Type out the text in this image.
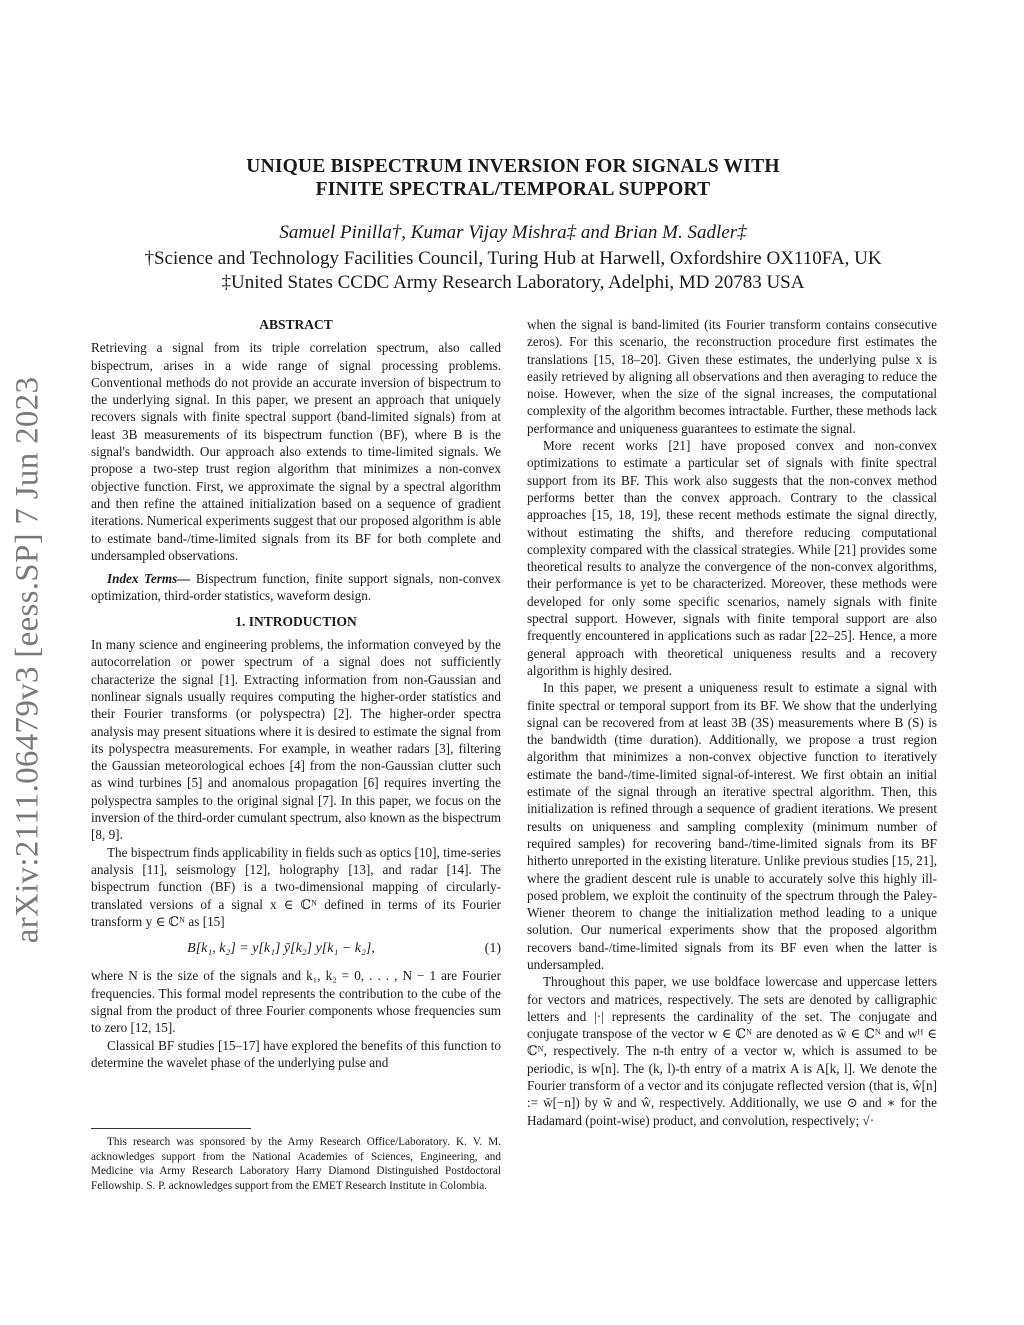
arXiv:2111.06479v3 [eess.SP] 7 Jun 2023
UNIQUE BISPECTRUM INVERSION FOR SIGNALS WITH
FINITE SPECTRAL/TEMPORAL SUPPORT
Samuel Pinilla†, Kumar Vijay Mishra‡ and Brian M. Sadler‡
†Science and Technology Facilities Council, Turing Hub at Harwell, Oxfordshire OX110FA, UK
‡United States CCDC Army Research Laboratory, Adelphi, MD 20783 USA
ABSTRACT

Retrieving a signal from its triple correlation spectrum, also called bispectrum, arises in a wide range of signal processing problems. Conventional methods do not provide an accurate inversion of bispectrum to the underlying signal. In this paper, we present an approach that uniquely recovers signals with finite spectral support (band-limited signals) from at least 3B measurements of its bispectrum function (BF), where B is the signal's bandwidth. Our approach also extends to time-limited signals. We propose a two-step trust region algorithm that minimizes a non-convex objective function. First, we approximate the signal by a spectral algorithm and then refine the attained initialization based on a sequence of gradient iterations. Numerical experiments suggest that our proposed algorithm is able to estimate band-/time-limited signals from its BF for both complete and undersampled observations.

Index Terms— Bispectrum function, finite support signals, non-convex optimization, third-order statistics, waveform design.

1. INTRODUCTION

In many science and engineering problems, the information conveyed by the autocorrelation or power spectrum of a signal does not sufficiently characterize the signal [1]. Extracting information from non-Gaussian and nonlinear signals usually requires computing the higher-order statistics and their Fourier transforms (or polyspectra) [2]. The higher-order spectra analysis may present situations where it is desired to estimate the signal from its polyspectra measurements. For example, in weather radars [3], filtering the Gaussian meteorological echoes [4] from the non-Gaussian clutter such as wind turbines [5] and anomalous propagation [6] requires inverting the polyspectra samples to the original signal [7]. In this paper, we focus on the inversion of the third-order cumulant spectrum, also known as the bispectrum [8, 9].

The bispectrum finds applicability in fields such as optics [10], time-series analysis [11], seismology [12], holography [13], and radar [14]. The bispectrum function (BF) is a two-dimensional mapping of circularly-translated versions of a signal x ∈ ℂᴺ defined in terms of its Fourier transform y ∈ ℂᴺ as [15]

B[k₁, k₂] = y[k₁] ȳ[k₂] y[k₁ − k₂],	(1)

where N is the size of the signals and k₁, k₂ = 0, . . . , N − 1 are Fourier frequencies. This formal model represents the contribution to the cube of the signal from the product of three Fourier components whose frequencies sum to zero [12, 15].

Classical BF studies [15–17] have explored the benefits of this function to determine the wavelet phase of the underlying pulse and

This research was sponsored by the Army Research Office/Laboratory. K. V. M. acknowledges support from the National Academies of Sciences, Engineering, and Medicine via Army Research Laboratory Harry Diamond Distinguished Postdoctoral Fellowship. S. P. acknowledges support from the EMET Research Institute in Colombia.

when the signal is band-limited (its Fourier transform contains consecutive zeros). For this scenario, the reconstruction procedure first estimates the translations [15, 18–20]. Given these estimates, the underlying pulse x is easily retrieved by aligning all observations and then averaging to reduce the noise. However, when the size of the signal increases, the computational complexity of the algorithm becomes intractable. Further, these methods lack performance and uniqueness guarantees to estimate the signal.

More recent works [21] have proposed convex and non-convex optimizations to estimate a particular set of signals with finite spectral support from its BF. This work also suggests that the non-convex method performs better than the convex approach. Contrary to the classical approaches [15, 18, 19], these recent methods estimate the signal directly, without estimating the shifts, and therefore reducing computational complexity compared with the classical strategies. While [21] provides some theoretical results to analyze the convergence of the non-convex algorithms, their performance is yet to be characterized. Moreover, these methods were developed for only some specific scenarios, namely signals with finite spectral support. However, signals with finite temporal support are also frequently encountered in applications such as radar [22–25]. Hence, a more general approach with theoretical uniqueness results and a recovery algorithm is highly desired.

In this paper, we present a uniqueness result to estimate a signal with finite spectral or temporal support from its BF. We show that the underlying signal can be recovered from at least 3B (3S) measurements where B (S) is the bandwidth (time duration). Additionally, we propose a trust region algorithm that minimizes a non-convex objective function to iteratively estimate the band-/time-limited signal-of-interest. We first obtain an initial estimate of the signal through an iterative spectral algorithm. Then, this initialization is refined through a sequence of gradient iterations. We present results on uniqueness and sampling complexity (minimum number of required samples) for recovering band-/time-limited signals from its BF hitherto unreported in the existing literature. Unlike previous studies [15, 21], where the gradient descent rule is unable to accurately solve this highly ill-posed problem, we exploit the continuity of the spectrum through the Paley-Wiener theorem to change the initialization method leading to a unique solution. Our numerical experiments show that the proposed algorithm recovers band-/time-limited signals from its BF even when the latter is undersampled.

Throughout this paper, we use boldface lowercase and uppercase letters for vectors and matrices, respectively. The sets are denoted by calligraphic letters and |·| represents the cardinality of the set. The conjugate and conjugate transpose of the vector w ∈ ℂᴺ are denoted as w̄ ∈ ℂᴺ and wᴴ ∈ ℂᴺ, respectively. The n-th entry of a vector w, which is assumed to be periodic, is w[n]. The (k, l)-th entry of a matrix A is A[k, l]. We denote the Fourier transform of a vector and its conjugate reflected version (that is, ŵ[n] := w̄[−n]) by w̃ and ŵ, respectively. Additionally, we use ⊙ and ∗ for the Hadamard (point-wise) product, and convolution, respectively; √·
